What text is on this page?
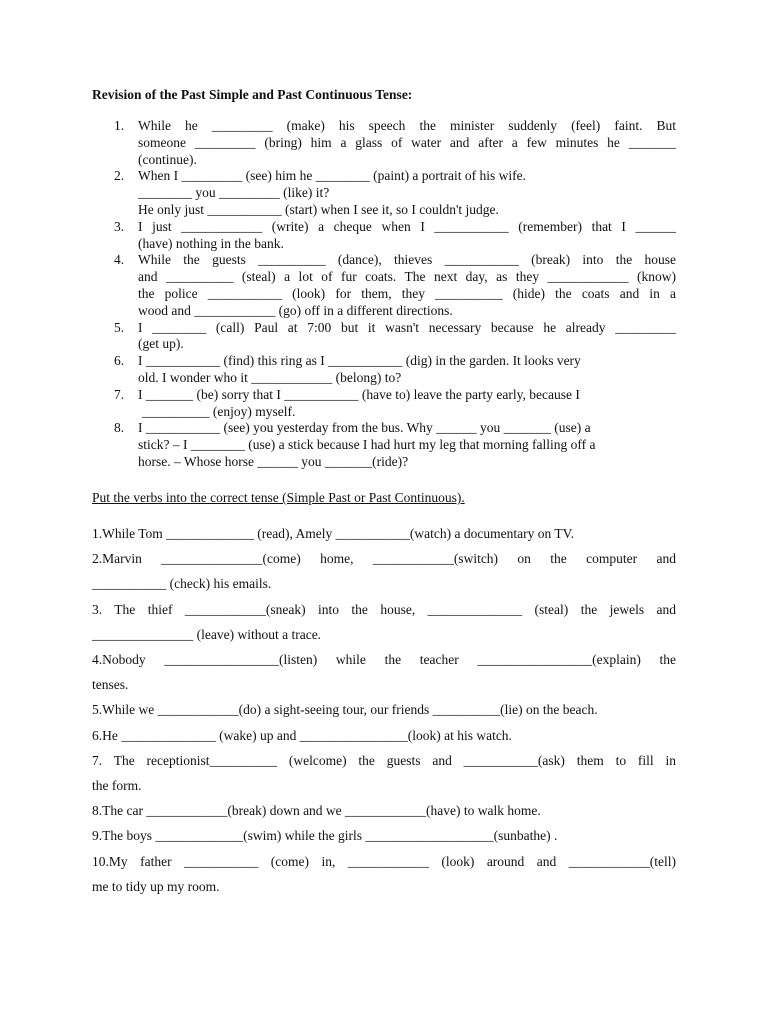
Revision of the Past Simple and Past Continuous Tense:
1. While he _________ (make) his speech the minister suddenly (feel) faint. But
someone _________ (bring) him a glass of water and after a few minutes he _______
(continue).
2. When I _________ (see) him he ________ (paint) a portrait of his wife.
________ you _________ (like) it?
He only just ___________ (start) when I see it, so I couldn't judge.
3. I just ____________ (write) a cheque when I ___________ (remember) that I ______
(have) nothing in the bank.
4. While the guests __________ (dance), thieves ___________ (break) into the house
and __________ (steal) a lot of fur coats. The next day, as they ____________ (know)
the police ___________ (look) for them, they __________ (hide) the coats and in a
wood and ____________ (go) off in a different directions.
5. I ________ (call) Paul at 7:00 but it wasn't necessary because he already _________
(get up).
6. I ___________ (find) this ring as I ___________ (dig) in the garden. It looks very
old. I wonder who it ____________ (belong) to?
7. I _______ (be) sorry that I ___________ (have to) leave the party early, because I
__________ (enjoy) myself.
8. I ___________ (see) you yesterday from the bus. Why ______ you _______ (use) a
stick? – I ________ (use) a stick because I had hurt my leg that morning falling off a
horse. – Whose horse ______ you _______(ride)?
Put the verbs into the correct tense (Simple Past or Past Continuous).
1.While Tom _____________ (read), Amely ___________(watch) a documentary on TV.
2.Marvin _______________(come) home, ____________(switch) on the computer and
___________ (check) his emails.
3. The thief ____________(sneak) into the house, ______________ (steal) the jewels and
_______________ (leave) without a trace.
4.Nobody _________________(listen) while the teacher _________________(explain) the
tenses.
5.While we ____________(do) a sight-seeing tour, our friends __________(lie) on the beach.
6.He ______________ (wake) up and ________________(look) at his watch.
7. The receptionist__________ (welcome) the guests and ___________(ask) them to fill in
the form.
8.The car ____________(break) down and we ____________(have) to walk home.
9.The boys _____________(swim) while the girls ___________________(sunbathe) .
10.My father ___________ (come) in, ____________ (look) around and ____________(tell)
me to tidy up my room.
